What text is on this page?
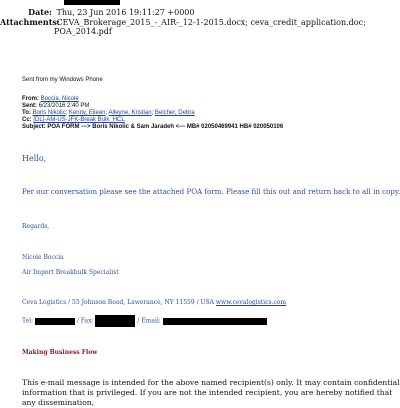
Date: Thu, 23 Jun 2016 19:11:27 +0000
Attachments: CEVA_Brokerage_2015_-_AIR-_12-1-2015.docx; ceva_credit_application.doc;
POA_2014.pdf
Sent from my Windows Phone
From: Boccia, Nicole
Sent: 6/23/2016 2:40 PM
To: Boris Nikolic; Kenny, Eileen; Alleyne, Kristian; Belcher, Debra
Cc: [DL]-AM-US-JFK-Break Bulk_HCL
Subject: POA FORM ---> Boris Nikolic & Sam Jaradeh <--- MB# 02050469941 HB# 020050106
Hello,
Per our conversation please see the attached POA form. Please fill this out and return back to all in copy.
Regards,
Nicole Boccia
Air Import Breakbulk Specialist
Ceva Logistics / 55 Johnson Road, Lawerance, NY 11559 / USA www.cevalogistics.com
Tel:	/ Fax:	/ Email:
Making Business Flow
This e-mail message is intended for the above named recipient(s) only. It may contain confidential information that is privileged. If you are not the intended recipient, you are hereby notified that any dissemination,
